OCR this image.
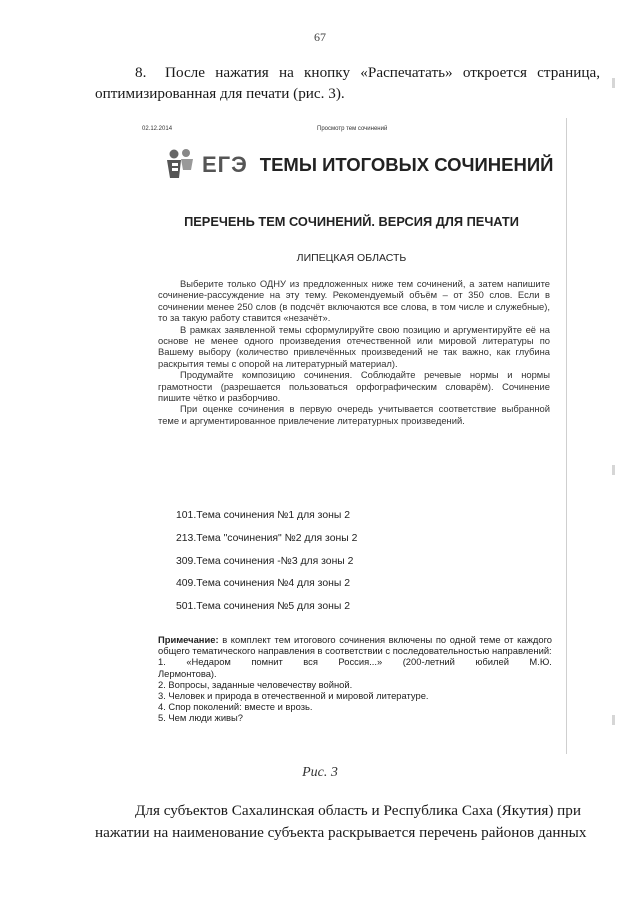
67
8.	После нажатия на кнопку «Распечатать» откроется страница,
оптимизированная для печати (рис. 3).
02.12.2014	Просмотр тем сочинений
ЕГЭ ТЕМЫ ИТОГОВЫХ СОЧИНЕНИЙ
ПЕРЕЧЕНЬ ТЕМ СОЧИНЕНИЙ. ВЕРСИЯ ДЛЯ ПЕЧАТИ
ЛИПЕЦКАЯ ОБЛАСТЬ

Выберите только ОДНУ из предложенных ниже тем сочинений, а затем напишите сочинение-рассуждение на эту тему. Рекомендуемый объём – от 350 слов. Если в сочинении менее 250 слов (в подсчёт включаются все слова, в том числе и служебные), то за такую работу ставится «незачёт».

В рамках заявленной темы сформулируйте свою позицию и аргументируйте её на основе не менее одного произведения отечественной или мировой литературы по Вашему выбору (количество привлечённых произведений не так важно, как глубина раскрытия темы с опорой на литературный материал).

Продумайте композицию сочинения. Соблюдайте речевые нормы и нормы грамотности (разрешается пользоваться орфографическим словарём). Сочинение пишите чётко и разборчиво.

При оценке сочинения в первую очередь учитывается соответствие выбранной теме и аргументированное привлечение литературных произведений.

101.Тема сочинения №1 для зоны 2
213.Тема "сочинения" №2 для зоны 2
309.Тема сочинения -№3 для зоны 2
409.Тема сочинения №4 для зоны 2
501.Тема сочинения №5 для зоны 2
Примечание: в комплект тем итогового сочинения включены по одной теме от каждого общего тематического направления в соответствии с последовательностью направлений:
1. «Недаром помнит вся Россия...» (200-летний юбилей М.Ю.
Лермонтова).
2. Вопросы, заданные человечеству войной.
3. Человек и природа в отечественной и мировой литературе.
4. Спор поколений: вместе и врозь.
5. Чем люди живы?
Рис. 3
Для субъектов Сахалинская область и Республика Саха (Якутия) при
нажатии на наименование субъекта раскрывается перечень районов данных
